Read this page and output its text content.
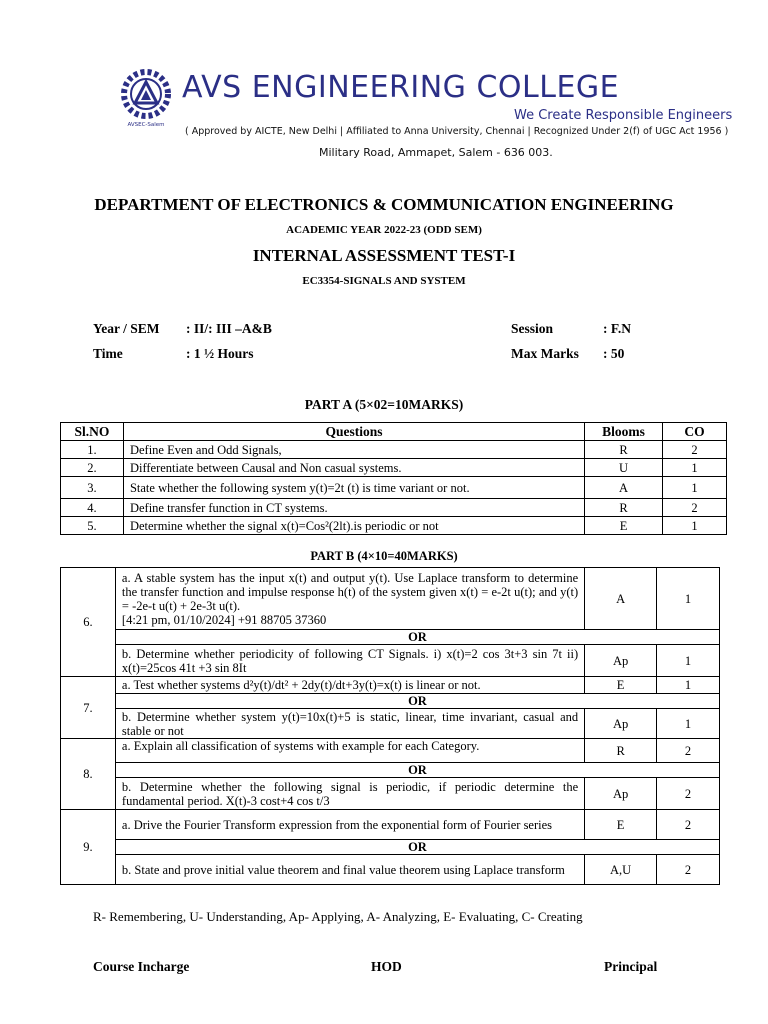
AVSEC-Salem
AVS ENGINEERING COLLEGE
We Create Responsible Engineers
( Approved by AICTE, New Delhi | Affiliated to Anna University, Chennai | Recognized Under 2(f) of UGC Act 1956 )
Military Road, Ammapet, Salem - 636 003.
DEPARTMENT OF ELECTRONICS & COMMUNICATION ENGINEERING
ACADEMIC YEAR 2022-23 (ODD SEM)
INTERNAL ASSESSMENT TEST-I
EC3354-SIGNALS AND SYSTEM
Year / SEM : II/: III –A&B	Session	: F.N
Time	: 1 ½ Hours	Max Marks : 50
PART A (5×02=10MARKS)
Sl.NO	Questions	Blooms	CO
1.	Define Even and Odd Signals,	R	2
2.	Differentiate between Causal and Non casual systems.	U	1
3.	State whether the following system y(t)=2t (t) is time variant or not.	A	1
4.	Define transfer function in CT systems.	R	2
5.	Determine whether the signal x(t)=Cos²(2lt).is periodic or not	E	1
PART B (4×10=40MARKS)
6.	a. A stable system has the input x(t) and output y(t). Use Laplace transform to determine the transfer function and impulse response h(t) of the system given x(t) = e-2t u(t); and y(t) = -2e-t u(t) + 2e-3t u(t).
[4:21 pm, 01/10/2024] +91 88705 37360	A	1
	OR		
	b. Determine whether periodicity of following CT Signals. i) x(t)=2 cos 3t+3 sin 7t ii) x(t)=25cos 41t +3 sin 8It	Ap	1
7.	a. Test whether systems d²y(t)/dt² + 2dy(t)/dt+3y(t)=x(t) is linear or not.	E	1
	OR		
	b. Determine whether system y(t)=10x(t)+5 is static, linear, time invariant, casual and stable or not	Ap	1
8.	a. Explain all classification of systems with example for each Category.	R	2
	OR		
	b. Determine whether the following signal is periodic, if periodic determine the fundamental period. X(t)-3 cost+4 cos t/3	Ap	2
9.	a. Drive the Fourier Transform expression from the exponential form of Fourier series	E	2
	OR		
	b. State and prove initial value theorem and final value theorem using Laplace transform	A,U	2
R- Remembering, U- Understanding, Ap- Applying, A- Analyzing, E- Evaluating, C- Creating
Course Incharge	HOD	Principal
